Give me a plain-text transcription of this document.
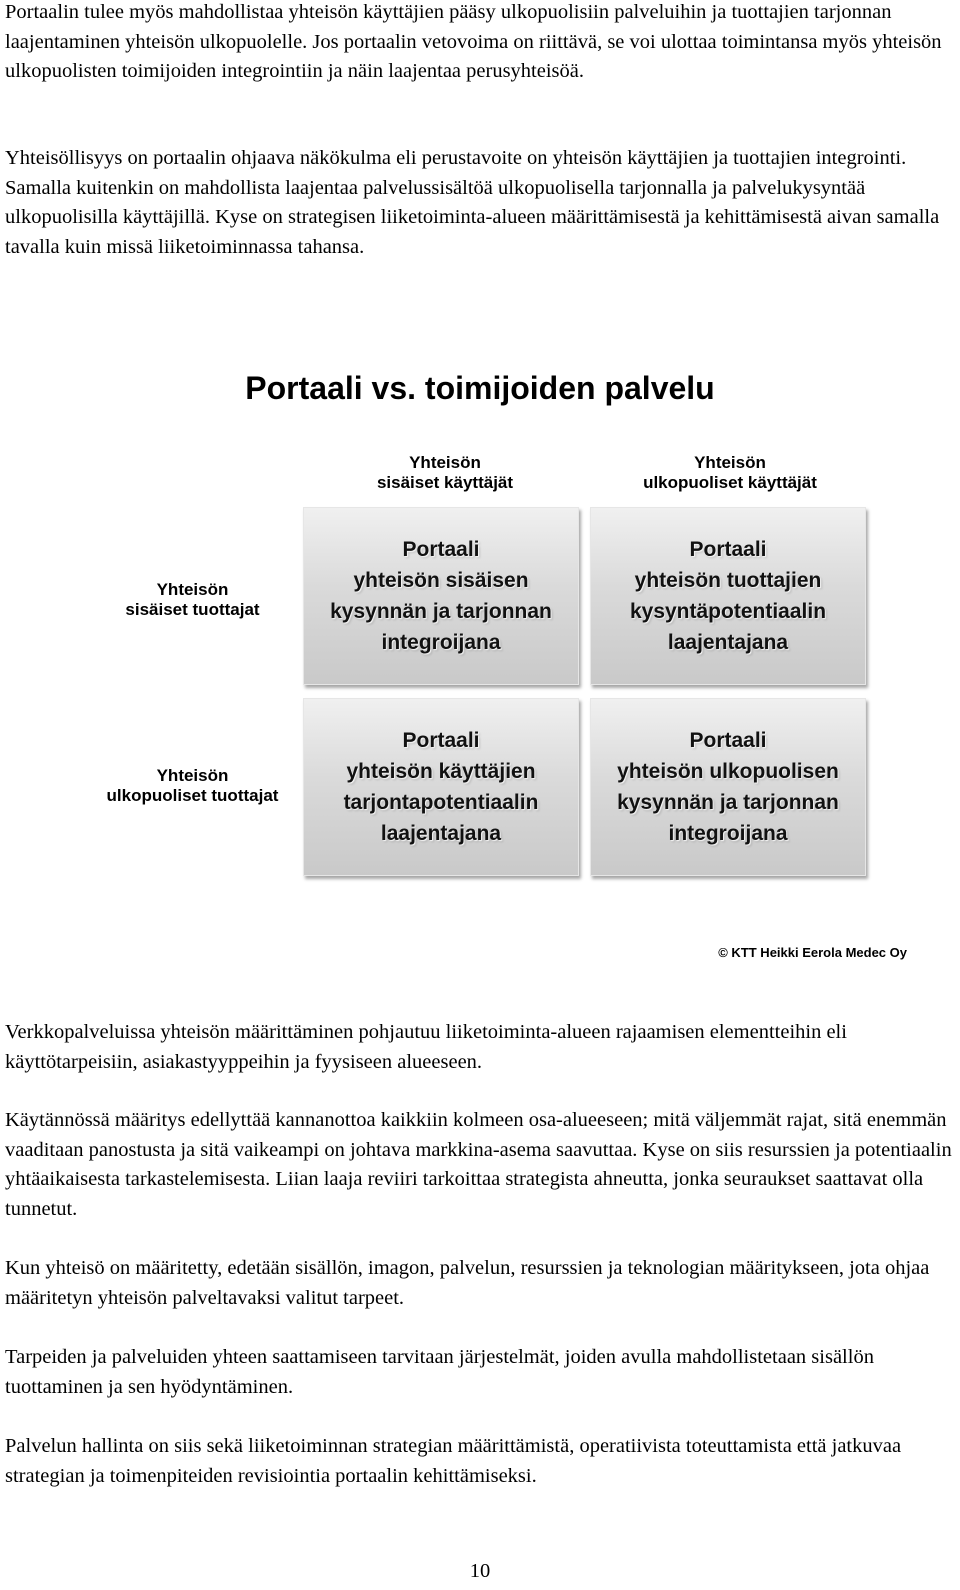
Portaalin tulee myös mahdollistaa yhteisön käyttäjien pääsy ulkopuolisiin palveluihin ja tuottajien tarjonnan laajentaminen yhteisön ulkopuolelle. Jos portaalin vetovoima on riittävä, se voi ulottaa toimintansa myös yhteisön ulkopuolisten toimijoiden integrointiin ja näin laajentaa perusyhteisöä.

Yhteisöllisyys on portaalin ohjaava näkökulma eli perustavoite on yhteisön käyttäjien ja tuottajien integrointi. Samalla kuitenkin on mahdollista laajentaa palvelussisältöä ulkopuolisella tarjonnalla ja palvelukysyntää ulkopuolisilla käyttäjillä. Kyse on strategisen liiketoiminta-alueen määrittämisestä ja kehittämisestä aivan samalla tavalla kuin missä liiketoiminnassa tahansa.

Portaali vs. toimijoiden palvelu
Yhteisön
sisäiset käyttäjät
Yhteisön
ulkopuoliset käyttäjät
Yhteisön
sisäiset tuottajat
Yhteisön
ulkopuoliset tuottajat
Portaali
yhteisön sisäisen
kysynnän ja tarjonnan
integroijana
Portaali
yhteisön tuottajien
kysyntäpotentiaalin
laajentajana
Portaali
yhteisön käyttäjien
tarjontapotentiaalin
laajentajana
Portaali
yhteisön ulkopuolisen
kysynnän ja tarjonnan
integroijana
© KTT Heikki Eerola Medec Oy

Verkkopalveluissa yhteisön määrittäminen pohjautuu liiketoiminta-alueen rajaamisen elementteihin eli käyttötarpeisiin, asiakastyyppeihin ja fyysiseen alueeseen.

Käytännössä määritys edellyttää kannanottoa kaikkiin kolmeen osa-alueeseen; mitä väljemmät rajat, sitä enemmän vaaditaan panostusta ja sitä vaikeampi on johtava markkina-asema saavuttaa. Kyse on siis resurssien ja potentiaalin yhtäaikaisesta tarkastelemisesta. Liian laaja reviiri tarkoittaa strategista ahneutta, jonka seuraukset saattavat olla tunnetut.

Kun yhteisö on määritetty, edetään sisällön, imagon, palvelun, resurssien ja teknologian määritykseen, jota ohjaa määritetyn yhteisön palveltavaksi valitut tarpeet.

Tarpeiden ja palveluiden yhteen saattamiseen tarvitaan järjestelmät, joiden avulla mahdollistetaan sisällön tuottaminen ja sen hyödyntäminen.

Palvelun hallinta on siis sekä liiketoiminnan strategian määrittämistä, operatiivista toteuttamista että jatkuvaa strategian ja toimenpiteiden revisiointia portaalin kehittämiseksi.

10
